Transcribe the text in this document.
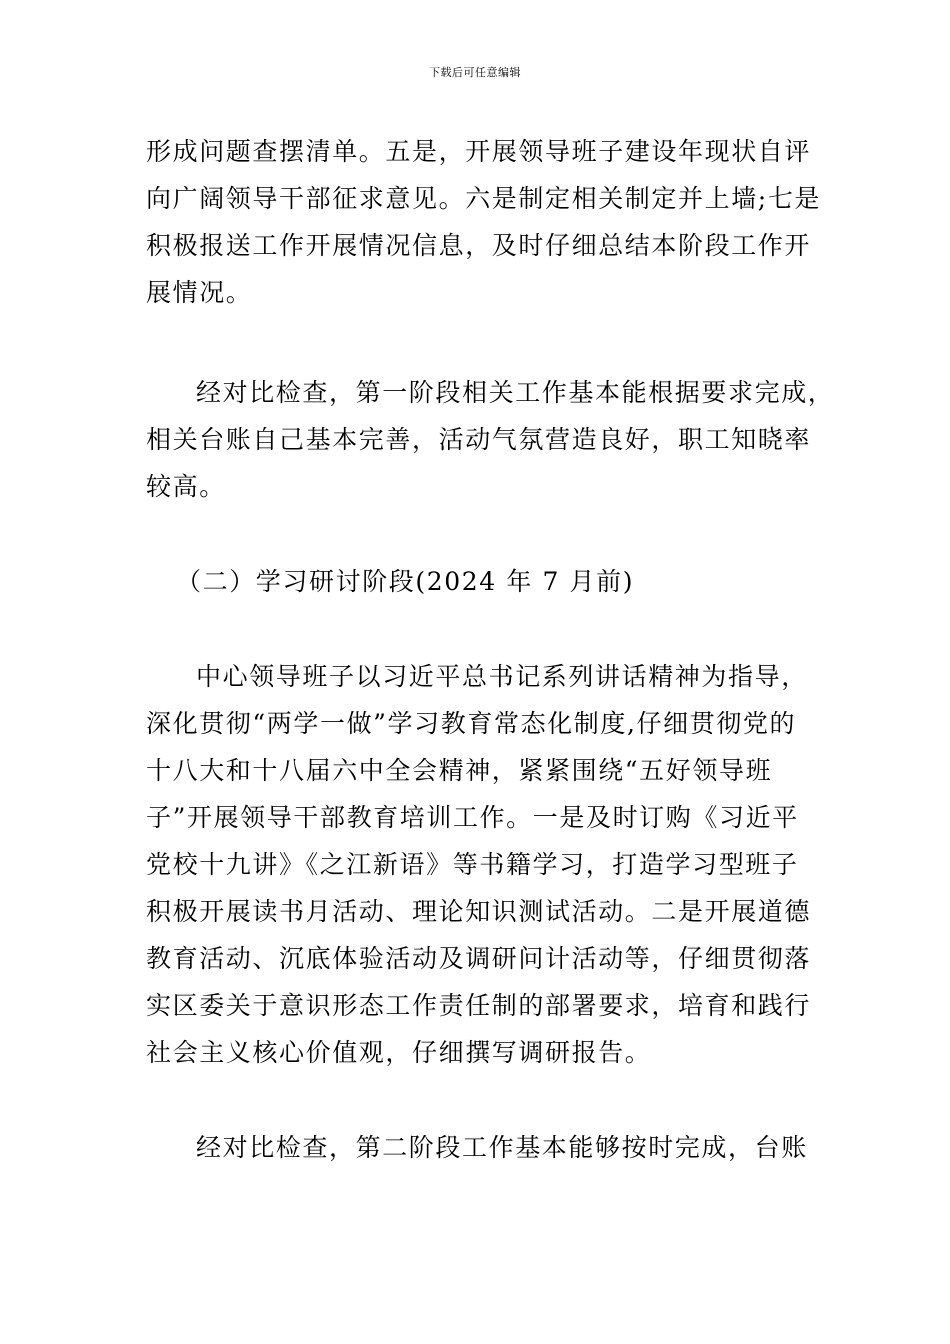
下载后可任意编辑
形成问题查摆清单。五是，开展领导班子建设年现状自评
向广阔领导干部征求意见。六是制定相关制定并上墙;七是
积极报送工作开展情况信息，及时仔细总结本阶段工作开
展情况。
经对比检查，第一阶段相关工作基本能根据要求完成，
相关台账自己基本完善，活动气氛营造良好，职工知晓率
较高。
（二）学习研讨阶段(2024 年 7 月前)
中心领导班子以习近平总书记系列讲话精神为指导，
深化贯彻“两学一做”学习教育常态化制度,仔细贯彻党的
十八大和十八届六中全会精神，紧紧围绕“五好领导班
子”开展领导干部教育培训工作。一是及时订购《习近平
党校十九讲》《之江新语》等书籍学习，打造学习型班子
积极开展读书月活动、理论知识测试活动。二是开展道德
教育活动、沉底体验活动及调研问计活动等，仔细贯彻落
实区委关于意识形态工作责任制的部署要求，培育和践行
社会主义核心价值观，仔细撰写调研报告。
经对比检查，第二阶段工作基本能够按时完成，台账
